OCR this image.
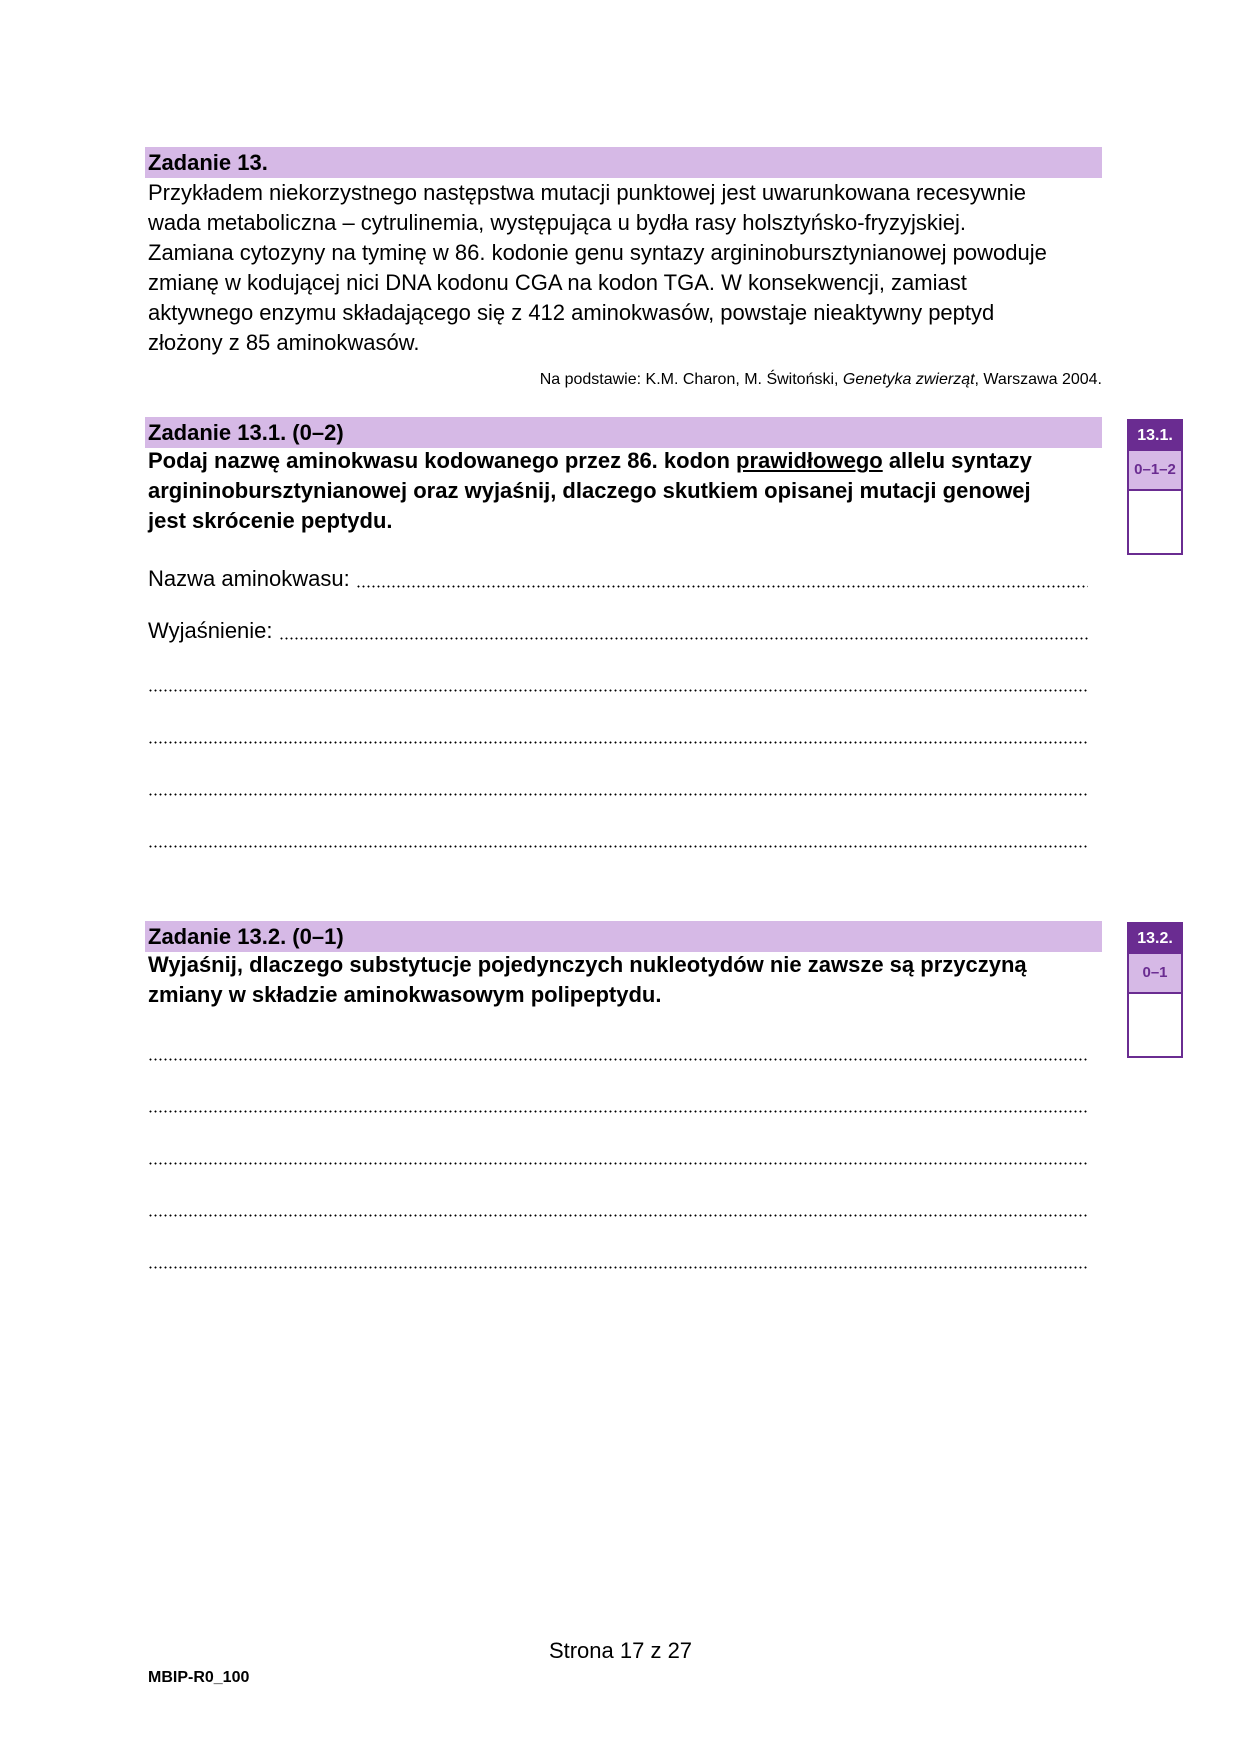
Zadanie 13.
Przykładem niekorzystnego następstwa mutacji punktowej jest uwarunkowana recesywnie
wada metaboliczna – cytrulinemia, występująca u bydła rasy holsztyńsko-fryzyjskiej.
Zamiana cytozyny na tyminę w 86. kodonie genu syntazy argininobursztynianowej powoduje
zmianę w kodującej nici DNA kodonu CGA na kodon TGA. W konsekwencji, zamiast
aktywnego enzymu składającego się z 412 aminokwasów, powstaje nieaktywny peptyd
złożony z 85 aminokwasów.
Na podstawie: K.M. Charon, M. Świtoński, Genetyka zwierząt, Warszawa 2004.
Zadanie 13.1. (0–2)
Podaj nazwę aminokwasu kodowanego przez 86. kodon prawidłowego allelu syntazy
argininobursztynianowej oraz wyjaśnij, dlaczego skutkiem opisanej mutacji genowej
jest skrócenie peptydu.
Nazwa aminokwasu:
Wyjaśnienie:
13.1.
0–1–2
Zadanie 13.2. (0–1)
Wyjaśnij, dlaczego substytucje pojedynczych nukleotydów nie zawsze są przyczyną
zmiany w składzie aminokwasowym polipeptydu.
13.2.
0–1
Strona 17 z 27
MBIP-R0_100
